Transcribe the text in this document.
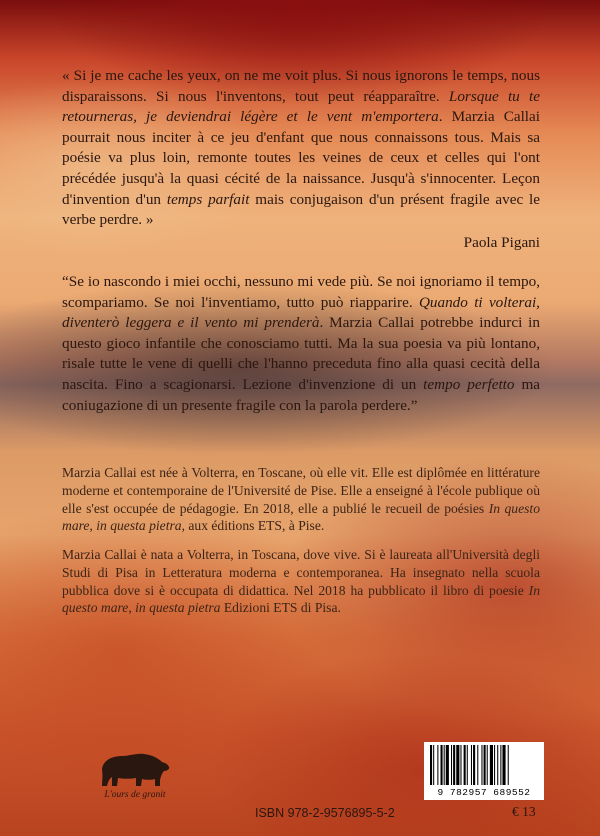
« Si je me cache les yeux, on ne me voit plus. Si nous ignorons le temps, nous disparaissons. Si nous l'inventons, tout peut réapparaître. Lorsque tu te retourneras, je deviendrai légère et le vent m'emportera. Marzia Callai pourrait nous inciter à ce jeu d'enfant que nous connaissons tous. Mais sa poésie va plus loin, remonte toutes les veines de ceux et celles qui l'ont précédée jusqu'à la quasi cécité de la naissance. Jusqu'à s'innocenter. Leçon d'invention d'un temps parfait mais conjugaison d'un présent fragile avec le verbe perdre. »

Paola Pigani

“Se io nascondo i miei occhi, nessuno mi vede più. Se noi ignoriamo il tempo, scompariamo. Se noi l'inventiamo, tutto può riapparire. Quando ti volterai, diventerò leggera e il vento mi prenderà. Marzia Callai potrebbe indurci in questo gioco infantile che conosciamo tutti. Ma la sua poesia va più lontano, risale tutte le vene di quelli che l'hanno preceduta fino alla quasi cecità della nascita. Fino a scagionarsi. Lezione d'invenzione di un tempo perfetto ma coniugazione di un presente fragile con la parola perdere.”

Marzia Callai est née à Volterra, en Toscane, où elle vit. Elle est diplômée en littérature moderne et contemporaine de l'Université de Pise. Elle a enseigné à l'école publique où elle s'est occupée de pédagogie. En 2018, elle a publié le recueil de poésies In questo mare, in questa pietra, aux éditions ETS, à Pise.

Marzia Callai è nata a Volterra, in Toscana, dove vive. Si è laureata all'Università degli Studi di Pisa in Letteratura moderna e contemporanea. Ha insegnato nella scuola pubblica dove si è occupata di didattica. Nel 2018 ha pubblicato il libro di poesie In questo mare, in questa pietra Edizioni ETS di Pisa.

L'ours de granit
ISBN 978-2-9576895-5-2
9 782957 689552
€ 13
